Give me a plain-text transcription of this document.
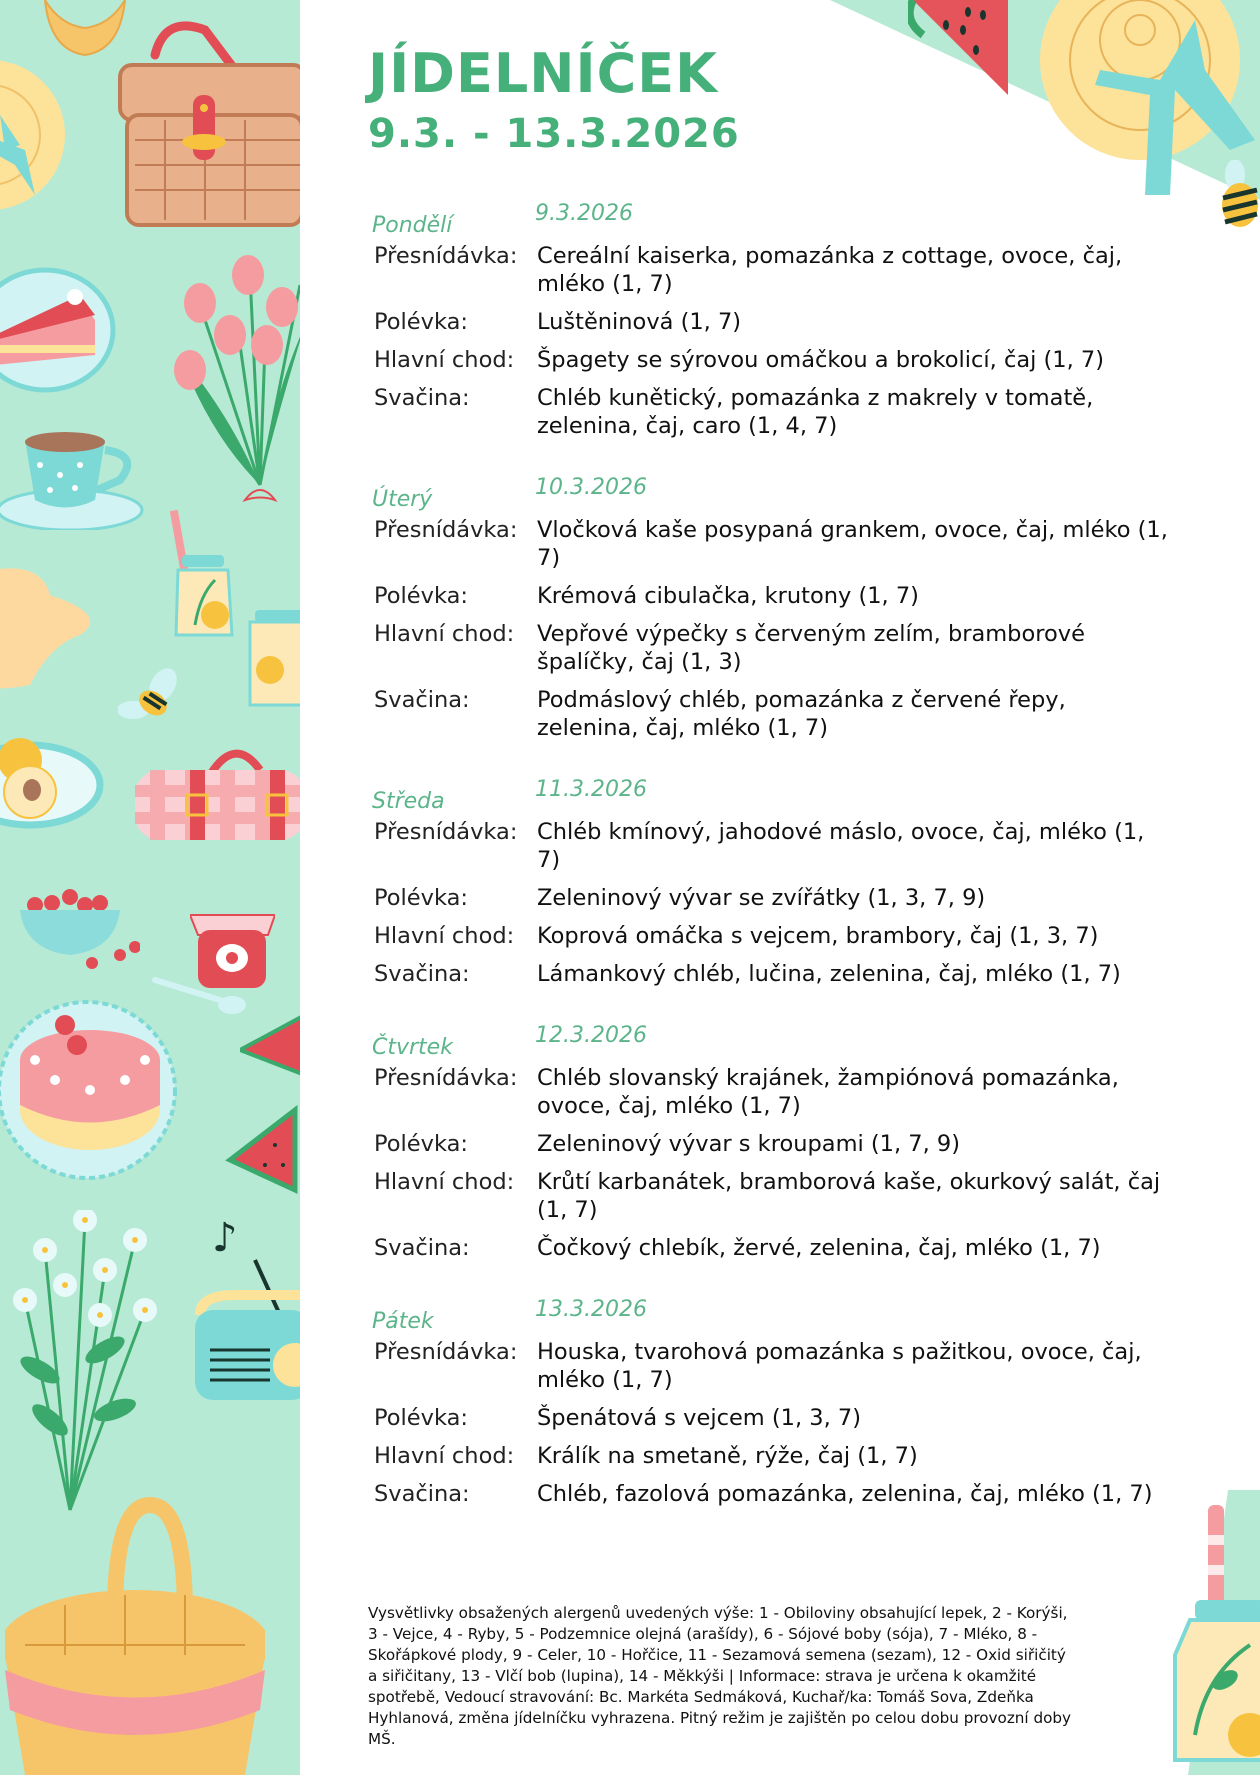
♪
JÍDELNÍČEK
9.3. - 13.3.2026
Pondělí	9.3.2026
Přesnídávka: Cereální kaiserka, pomazánka z cottage, ovoce, čaj, mléko (1, 7)
Polévka:	Luštěninová (1, 7)
Hlavní chod:	Špagety se sýrovou omáčkou a brokolicí, čaj (1, 7)
Svačina:	Chléb kunětický, pomazánka z makrely v tomatě, zelenina, čaj, caro (1, 4, 7)
Úterý	10.3.2026
Přesnídávka: Vločková kaše posypaná grankem, ovoce, čaj, mléko (1, 7)
Polévka:	Krémová cibulačka, krutony (1, 7)
Hlavní chod:	Vepřové výpečky s červeným zelím, bramborové špalíčky, čaj (1, 3)
Svačina:	Podmáslový chléb, pomazánka z červené řepy, zelenina, čaj, mléko (1, 7)
Středa	11.3.2026
Přesnídávka: Chléb kmínový, jahodové máslo, ovoce, čaj, mléko (1, 7)
Polévka:	Zeleninový vývar se zvířátky (1, 3, 7, 9)
Hlavní chod:	Koprová omáčka s vejcem, brambory, čaj (1, 3, 7)
Svačina:	Lámankový chléb, lučina, zelenina, čaj, mléko (1, 7)
Čtvrtek	12.3.2026
Přesnídávka: Chléb slovanský krajánek, žampiónová pomazánka, ovoce, čaj, mléko (1, 7)
Polévka:	Zeleninový vývar s kroupami (1, 7, 9)
Hlavní chod:	Krůtí karbanátek, bramborová kaše, okurkový salát, čaj (1, 7)
Svačina:	Čočkový chlebík, žervé, zelenina, čaj, mléko (1, 7)
Pátek	13.3.2026
Přesnídávka: Houska, tvarohová pomazánka s pažitkou, ovoce, čaj, mléko (1, 7)
Polévka:	Špenátová s vejcem (1, 3, 7)
Hlavní chod:	Králík na smetaně, rýže, čaj (1, 7)
Svačina:	Chléb, fazolová pomazánka, zelenina, čaj, mléko (1, 7)
Vysvětlivky obsažených alergenů uvedených výše: 1 - Obiloviny obsahující lepek, 2 - Korýši, 3 - Vejce, 4 - Ryby, 5 - Podzemnice olejná (arašídy), 6 - Sójové boby (sója), 7 - Mléko, 8 - Skořápkové plody, 9 - Celer, 10 - Hořčice, 11 - Sezamová semena (sezam), 12 - Oxid siřičitý a siřičitany, 13 - Vlčí bob (lupina), 14 - Měkkýši | Informace: strava je určena k okamžité spotřebě, Vedoucí stravování: Bc. Markéta Sedmáková, Kuchař/ka: Tomáš Sova, Zdeňka Hyhlanová, změna jídelníčku vyhrazena. Pitný režim je zajištěn po celou dobu provozní doby MŠ.
